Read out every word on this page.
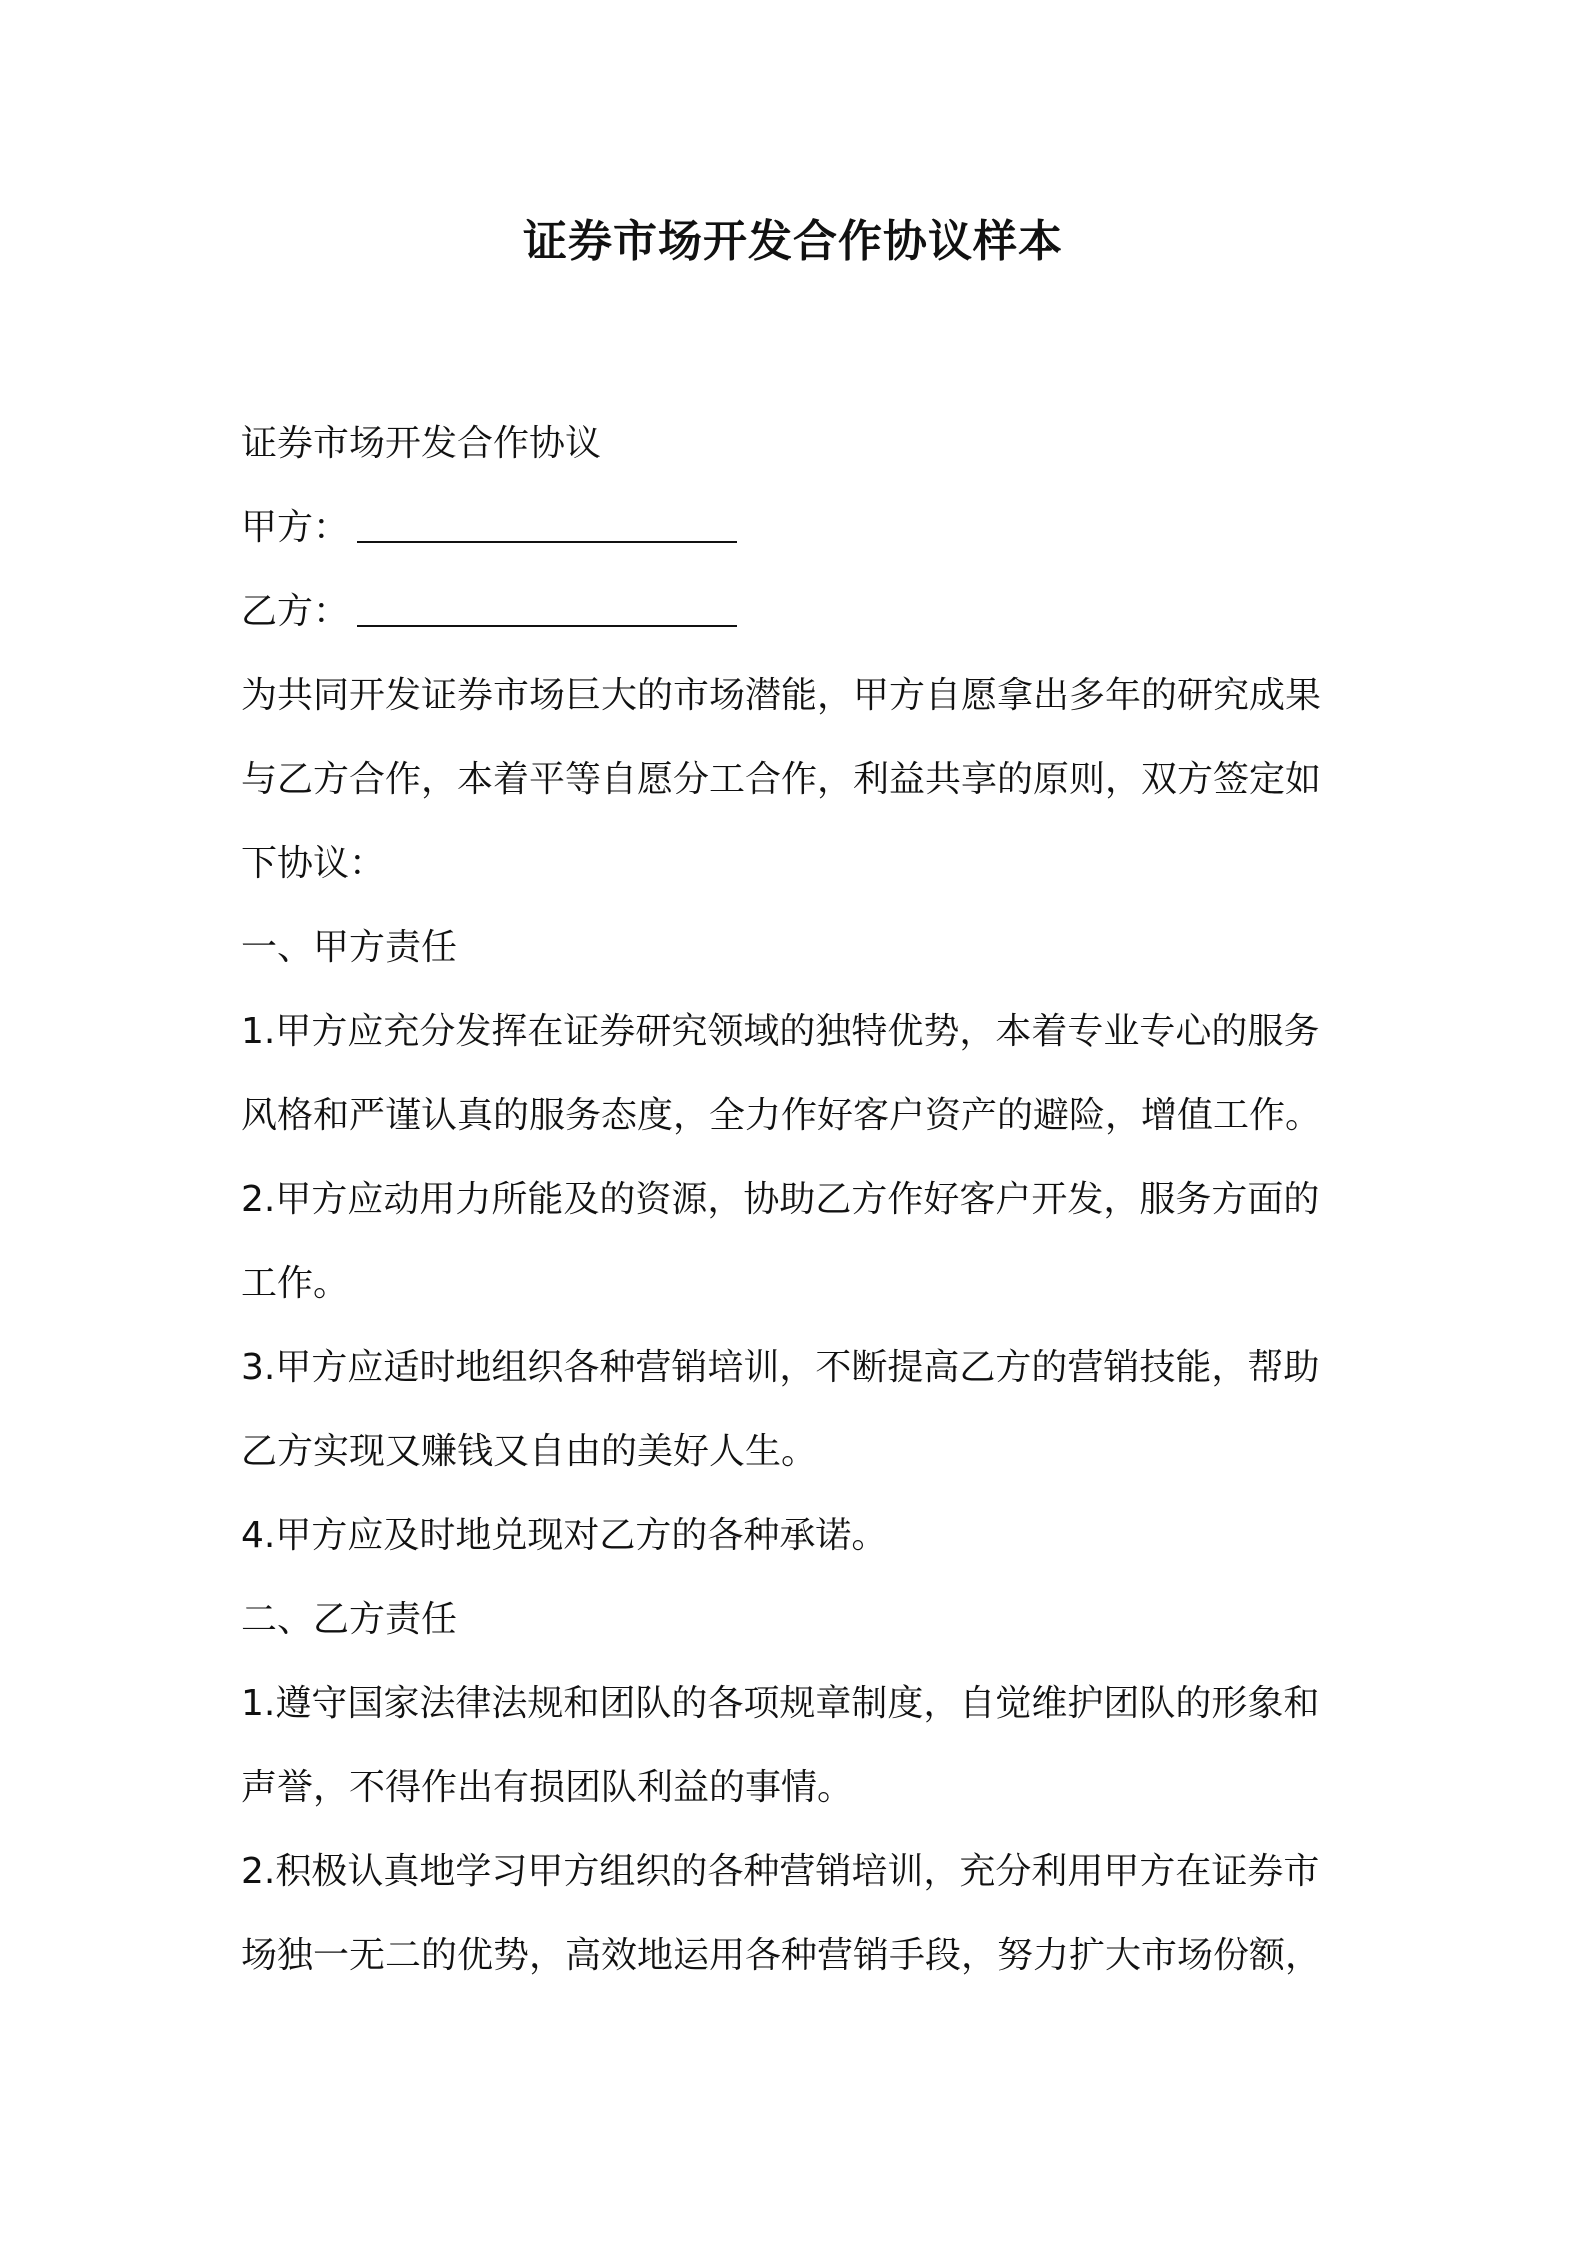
证券市场开发合作协议样本
证券市场开发合作协议
甲方：
乙方：
为共同开发证券市场巨大的市场潜能，甲方自愿拿出多年的研究成果
与乙方合作，本着平等自愿分工合作，利益共享的原则，双方签定如
下协议：
一、甲方责任
1.甲方应充分发挥在证券研究领域的独特优势，本着专业专心的服务
风格和严谨认真的服务态度，全力作好客户资产的避险，增值工作。
2.甲方应动用力所能及的资源，协助乙方作好客户开发，服务方面的
工作。
3.甲方应适时地组织各种营销培训，不断提高乙方的营销技能，帮助
乙方实现又赚钱又自由的美好人生。
4.甲方应及时地兑现对乙方的各种承诺。
二、乙方责任
1.遵守国家法律法规和团队的各项规章制度，自觉维护团队的形象和
声誉，不得作出有损团队利益的事情。
2.积极认真地学习甲方组织的各种营销培训，充分利用甲方在证券市
场独一无二的优势，高效地运用各种营销手段，努力扩大市场份额，
